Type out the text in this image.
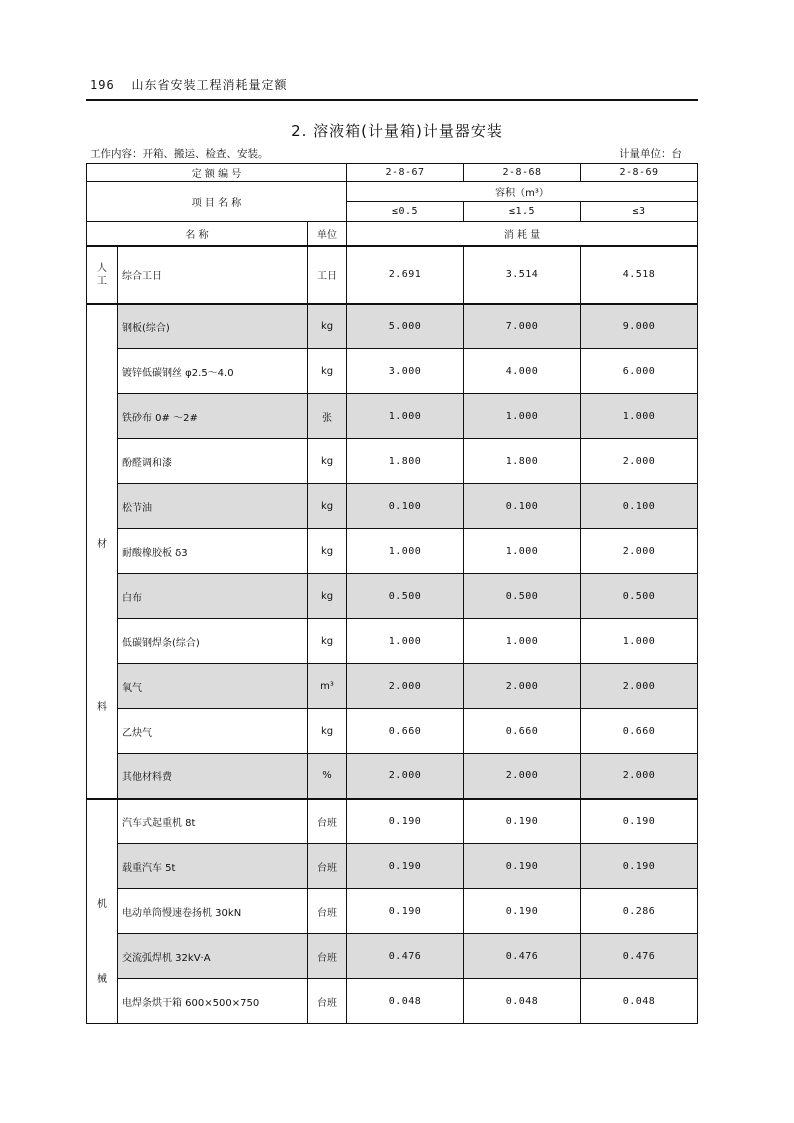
196 山东省安装工程消耗量定额
2. 溶液箱(计量箱)计量器安装
工作内容：开箱、搬运、检查、安装。	计量单位：台
定 额 编 号			2-8-67	2-8-68	2-8-69
项 目 名 称			容积（m³）		
			≤0.5	≤1.5	≤3
名 称		单位	消 耗 量		
人
工	综合工日	工日	2.691	3.514	4.518

材
料	钢板(综合)	kg	5.000	7.000	9.000
	镀锌低碳钢丝 φ2.5～4.0	kg	3.000	4.000	6.000
	铁砂布 0# ～2#	张	1.000	1.000	1.000
	酚醛调和漆	kg	1.800	1.800	2.000
	松节油	kg	0.100	0.100	0.100
	耐酸橡胶板 δ3	kg	1.000	1.000	2.000
	白布	kg	0.500	0.500	0.500
	低碳钢焊条(综合)	kg	1.000	1.000	1.000
	氧气	m³	2.000	2.000	2.000
	乙炔气	kg	0.660	0.660	0.660
	其他材料费	%	2.000	2.000	2.000

机
械	汽车式起重机 8t	台班	0.190	0.190	0.190
	载重汽车 5t	台班	0.190	0.190	0.190
	电动单筒慢速卷扬机 30kN	台班	0.190	0.190	0.286
	交流弧焊机 32kV·A	台班	0.476	0.476	0.476
	电焊条烘干箱 600×500×750	台班	0.048	0.048	0.048
